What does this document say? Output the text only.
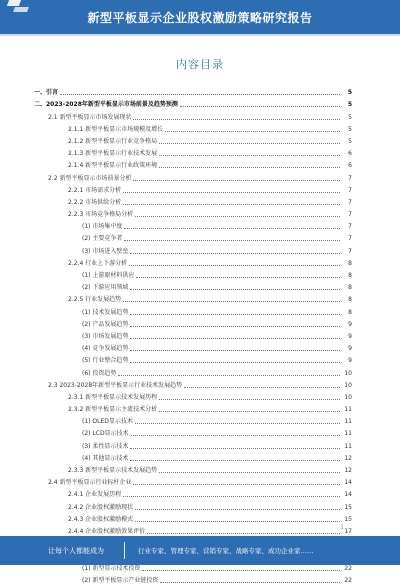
新型平板显示企业股权激励策略研究报告
内容目录
一、引言	5
二、2023-2028年新型平板显示市场前景及趋势预测	5
2.1 新型平板显示市场发展现状	5
2.1.1 新型平板显示市场规模及增长	5
2.1.2 新型平板显示行业竞争格局	5
2.1.3 新型平板显示行业技术发展	6
2.1.4 新型平板显示行业政策环境	6
2.2 新型平板显示市场前景分析	7
2.2.1 市场需求分析	7
2.2.2 市场供给分析	7
2.2.3 市场竞争格局分析	7
(1) 市场集中度	7
(2) 主要竞争者	7
(3) 市场进入壁垒	7
2.2.4 行业上下游分析	8
(1) 上游原材料供应	8
(2) 下游应用领域	8
2.2.5 行业发展趋势	8
(1) 技术发展趋势	8
(2) 产品发展趋势	9
(3) 市场发展趋势	9
(4) 竞争发展趋势	9
(5) 行业整合趋势	9
(6) 投资趋势	10
2.3 2023-2028年新型平板显示行业技术发展趋势	10
2.3.1 新型平板显示技术发展历程	10
2.3.2 新型平板显示主流技术分析	11
(1) OLED显示技术	11
(2) LCD显示技术	11
(3) 柔性显示技术	11
(4) 其他显示技术	12
2.3.3 新型平板显示技术发展趋势	12
2.4 新型平板显示行业标杆企业	14
2.4.1 企业发展历程	14
2.4.2 企业股权激励现状	15
2.4.3 企业股权激励模式	15
2.4.4 企业股权激励效果评价	17
(1) 新型显示技术投资	22
(2) 新型平板显示产业链投资	22
1
让每个人都能成为	行业专家、管理专家、营销专家、战略专家、成功企业家……
